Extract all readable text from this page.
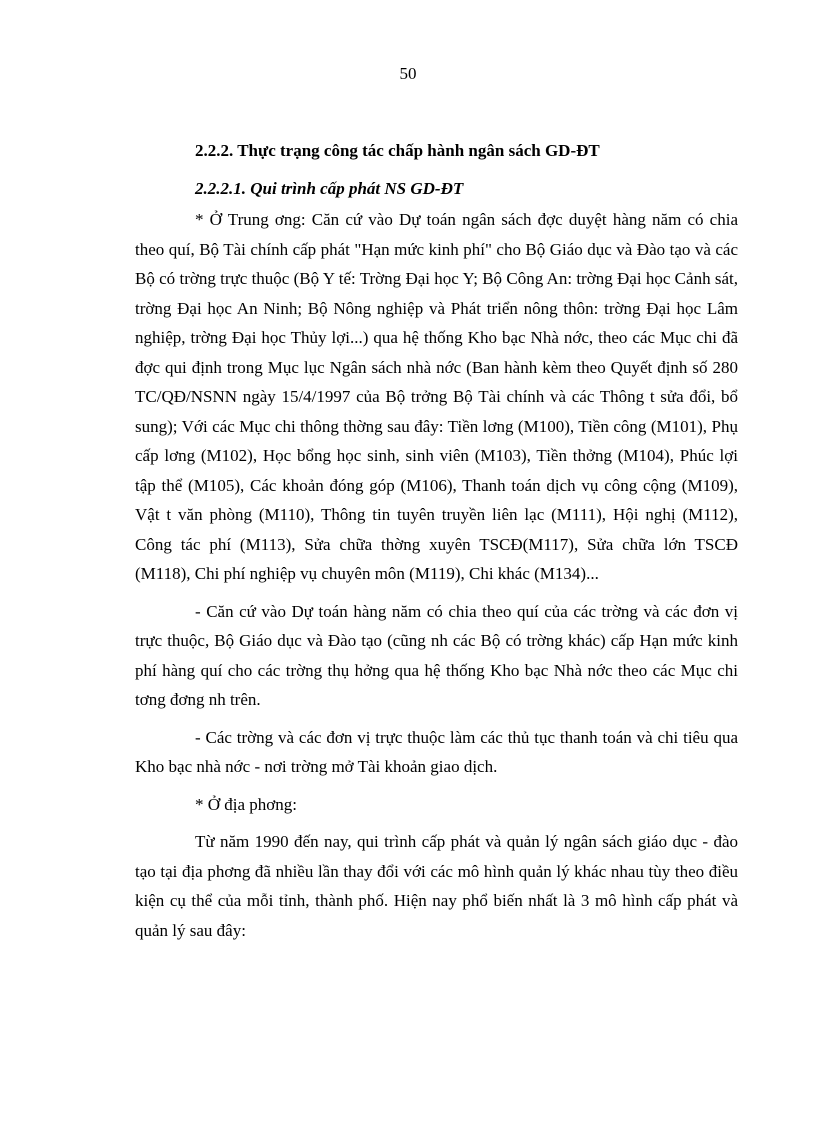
50

2.2.2. Thực trạng công tác chấp hành ngân sách GD-ĐT

2.2.2.1. Qui trình cấp phát NS GD-ĐT

* Ở Trung ơng: Căn cứ vào Dự toán ngân sách đợc duyệt hàng năm có chia theo quí, Bộ Tài chính cấp phát "Hạn mức kinh phí" cho Bộ Giáo dục và Đào tạo và các Bộ có trờng trực thuộc (Bộ Y tế: Trờng Đại học Y; Bộ Công An: trờng Đại học Cảnh sát, trờng Đại học An Ninh; Bộ Nông nghiệp và Phát triển nông thôn: trờng Đại học Lâm nghiệp, trờng Đại học Thủy lợi...) qua hệ thống Kho bạc Nhà nớc, theo các Mục chi đã đợc qui định trong Mục lục Ngân sách nhà nớc (Ban hành kèm theo Quyết định số 280 TC/QĐ/NSNN ngày 15/4/1997 của Bộ trởng Bộ Tài chính và các Thông t sửa đổi, bổ sung); Với các Mục chi thông thờng sau đây: Tiền lơng (M100), Tiền công (M101), Phụ cấp lơng (M102), Học bổng học sinh, sinh viên (M103), Tiền thởng (M104), Phúc lợi tập thể (M105), Các khoản đóng góp (M106), Thanh toán dịch vụ công cộng (M109), Vật t văn phòng (M110), Thông tin tuyên truyền liên lạc (M111), Hội nghị (M112), Công tác phí (M113), Sửa chữa thờng xuyên TSCĐ(M117), Sửa chữa lớn TSCĐ (M118), Chi phí nghiệp vụ chuyên môn (M119), Chi khác (M134)...

- Căn cứ vào Dự toán hàng năm có chia theo quí của các trờng và các đơn vị trực thuộc, Bộ Giáo dục và Đào tạo (cũng nh các Bộ có trờng khác) cấp Hạn mức kinh phí hàng quí cho các trờng thụ hởng qua hệ thống Kho bạc Nhà nớc theo các Mục chi tơng đơng nh trên.

- Các trờng và các đơn vị trực thuộc làm các thủ tục thanh toán và chi tiêu qua Kho bạc nhà nớc - nơi trờng mở Tài khoản giao dịch.

* Ở địa phơng:

Từ năm 1990 đến nay, qui trình cấp phát và quản lý ngân sách giáo dục - đào tạo tại địa phơng đã nhiều lần thay đổi với các mô hình quản lý khác nhau tùy theo điều kiện cụ thể của mỗi tỉnh, thành phố. Hiện nay phổ biến nhất là 3 mô hình cấp phát và quản lý sau đây:
